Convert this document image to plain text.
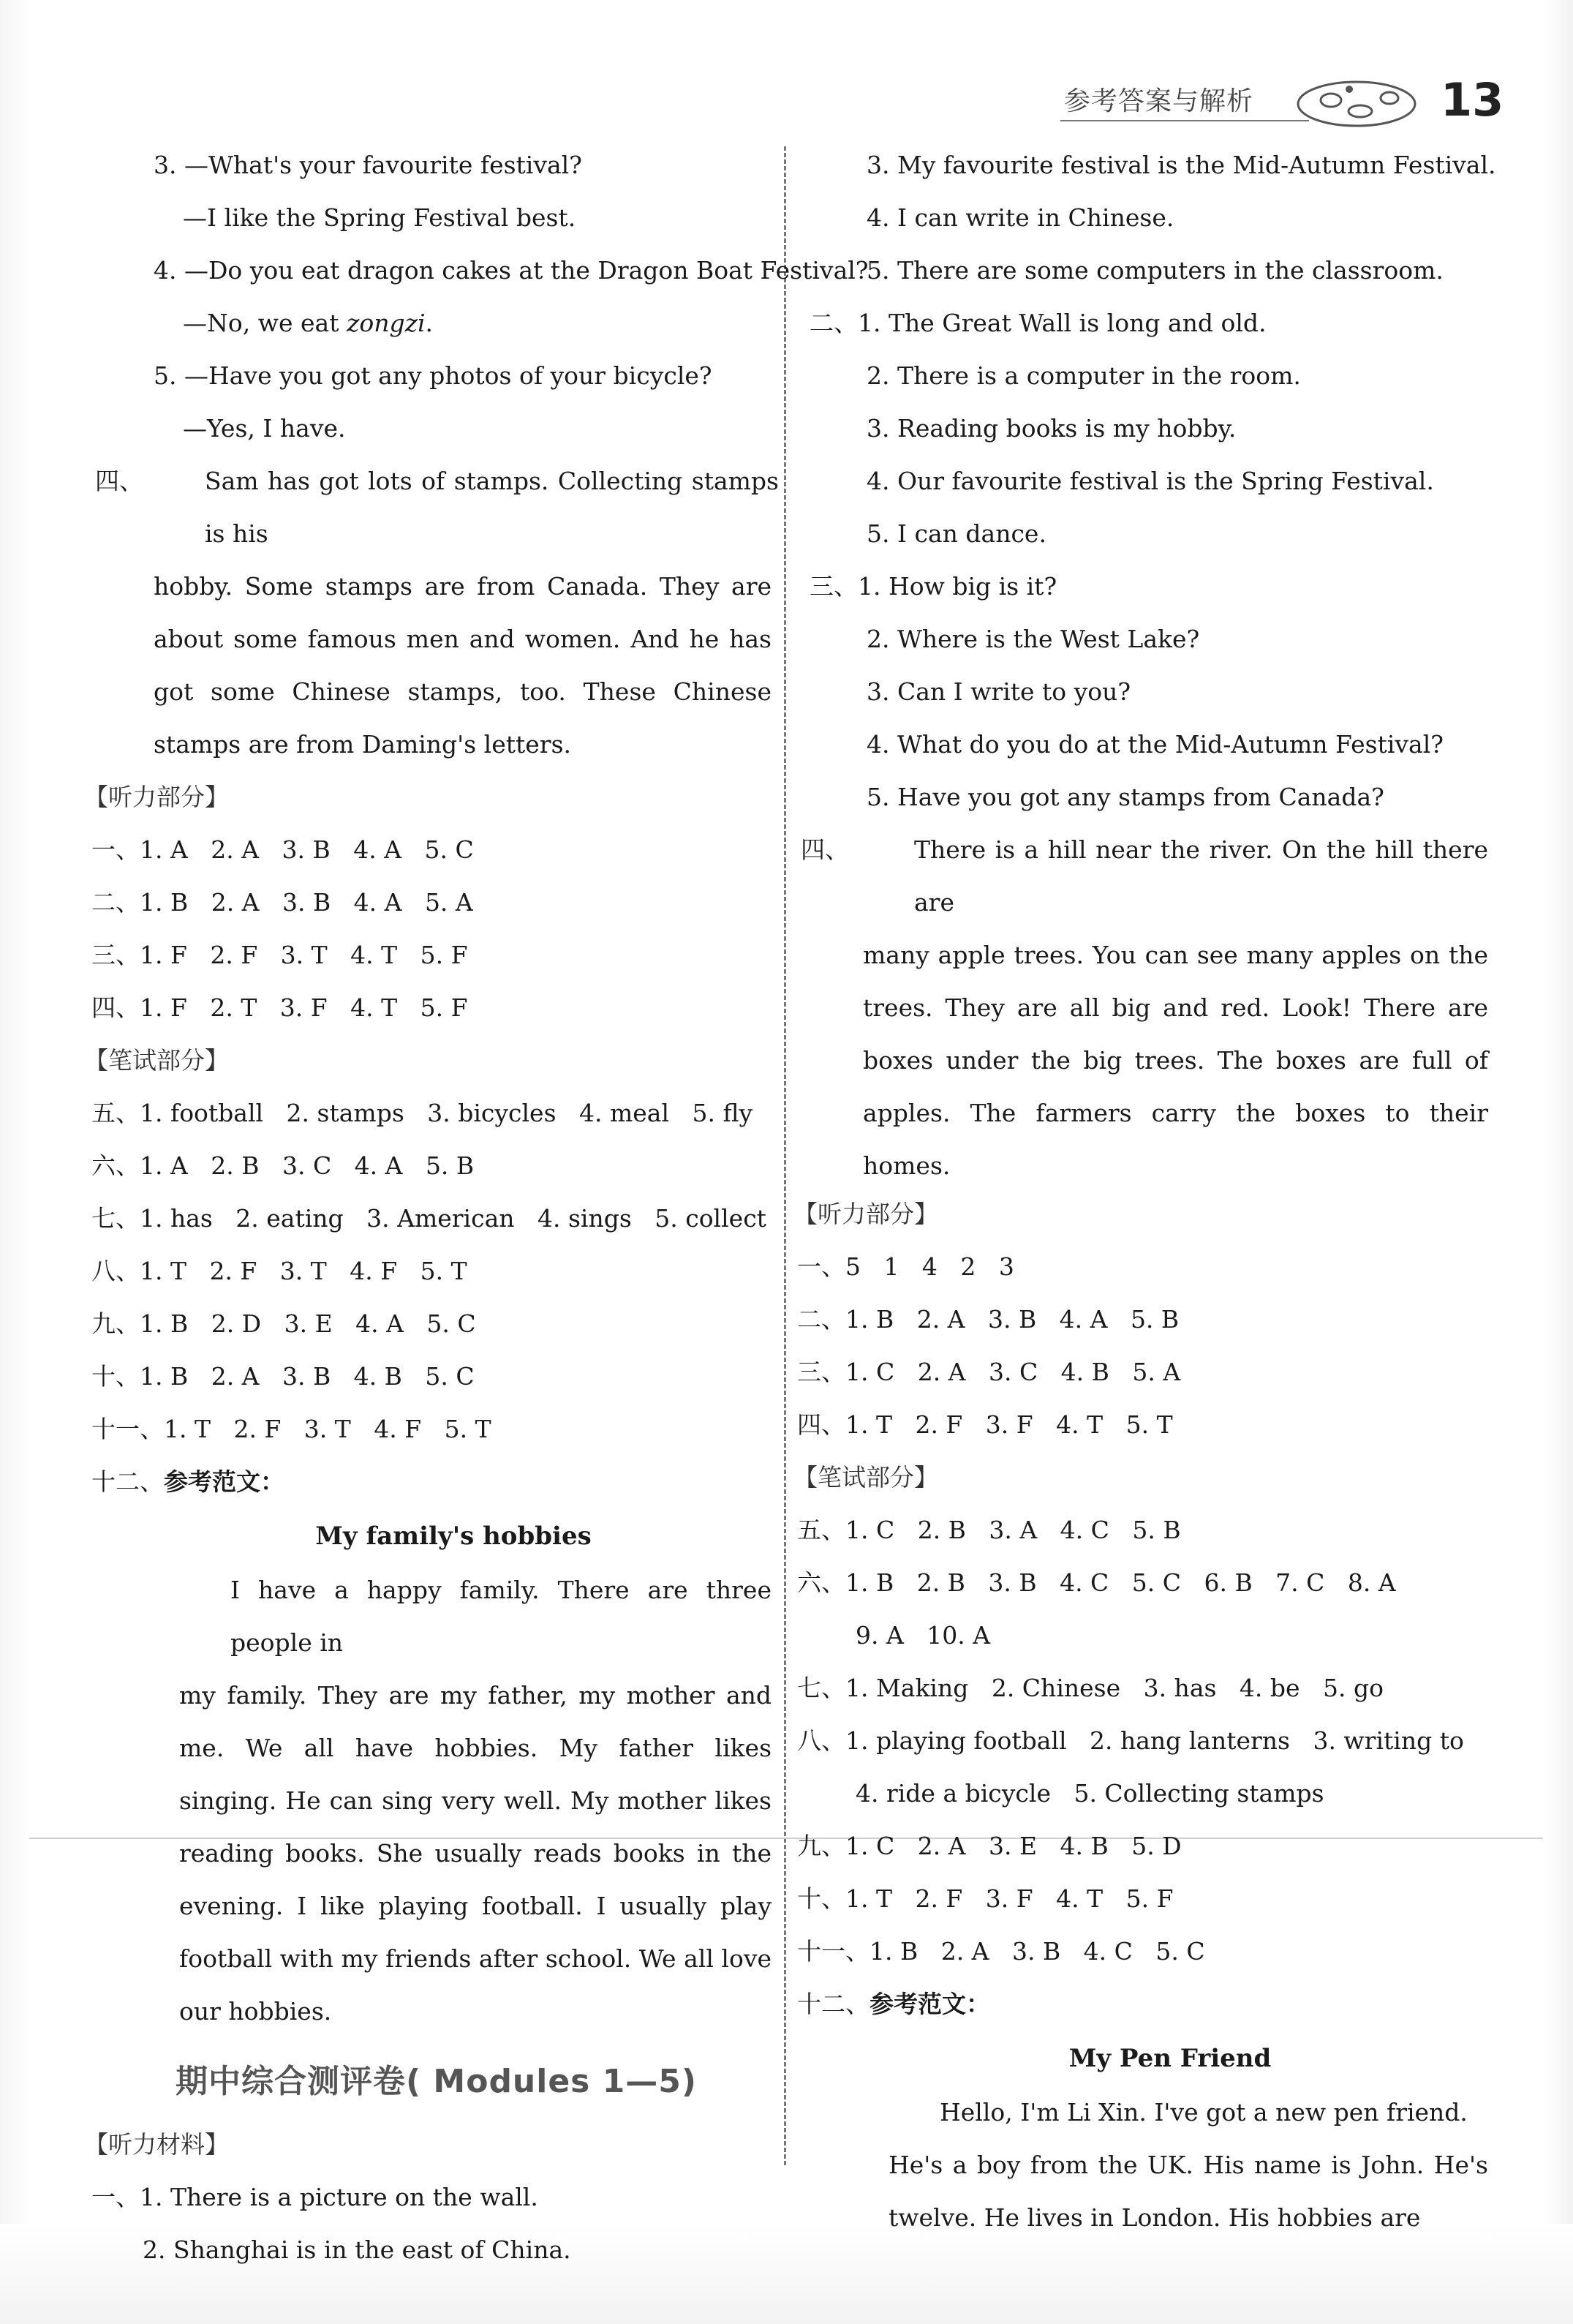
参考答案与解析	13
3. —What's your favourite festival?
—I like the Spring Festival best.
4. —Do you eat dragon cakes at the Dragon Boat Festival?
—No, we eat zongzi.
5. —Have you got any photos of your bicycle?
—Yes, I have.
四、	Sam has got lots of stamps. Collecting stamps is his
hobby. Some stamps are from Canada. They are about some famous men and women. And he has got some Chinese stamps, too. These Chinese stamps are from Daming's letters.
【听力部分】
一、1. A   2. A   3. B   4. A   5. C
二、1. B   2. A   3. B   4. A   5. A
三、1. F   2. F   3. T   4. T   5. F
四、1. F   2. T   3. F   4. T   5. F
【笔试部分】
五、1. football   2. stamps   3. bicycles   4. meal   5. fly
六、1. A   2. B   3. C   4. A   5. B
七、1. has   2. eating   3. American   4. sings   5. collect
八、1. T   2. F   3. T   4. F   5. T
九、1. B   2. D   3. E   4. A   5. C
十、1. B   2. A   3. B   4. B   5. C
十一、1. T   2. F   3. T   4. F   5. T
十二、参考范文：
My family's hobbies
I have a happy family. There are three people in
my family. They are my father, my mother and me. We all have hobbies. My father likes singing. He can sing very well. My mother likes reading books. She usually reads books in the evening. I like playing football. I usually play football with my friends after school. We all love our hobbies.
期中综合测评卷( Modules 1—5)
【听力材料】
一、1. There is a picture on the wall.
2. Shanghai is in the east of China.
3. My favourite festival is the Mid-Autumn Festival.
4. I can write in Chinese.
5. There are some computers in the classroom.
二、1. The Great Wall is long and old.
2. There is a computer in the room.
3. Reading books is my hobby.
4. Our favourite festival is the Spring Festival.
5. I can dance.
三、1. How big is it?
2. Where is the West Lake?
3. Can I write to you?
4. What do you do at the Mid-Autumn Festival?
5. Have you got any stamps from Canada?
四、	There is a hill near the river. On the hill there are
many apple trees. You can see many apples on the trees. They are all big and red. Look! There are boxes under the big trees. The boxes are full of apples. The farmers carry the boxes to their homes.
【听力部分】
一、5   1   4   2   3
二、1. B   2. A   3. B   4. A   5. B
三、1. C   2. A   3. C   4. B   5. A
四、1. T   2. F   3. F   4. T   5. T
【笔试部分】
五、1. C   2. B   3. A   4. C   5. B
六、1. B   2. B   3. B   4. C   5. C   6. B   7. C   8. A
9. A   10. A
七、1. Making   2. Chinese   3. has   4. be   5. go
八、1. playing football   2. hang lanterns   3. writing to
4. ride a bicycle   5. Collecting stamps
九、1. C   2. A   3. E   4. B   5. D
十、1. T   2. F   3. F   4. T   5. F
十一、1. B   2. A   3. B   4. C   5. C
十二、参考范文：
My Pen Friend
Hello, I'm Li Xin. I've got a new pen friend.
He's a boy from the UK. His name is John. He's twelve. He lives in London. His hobbies are
